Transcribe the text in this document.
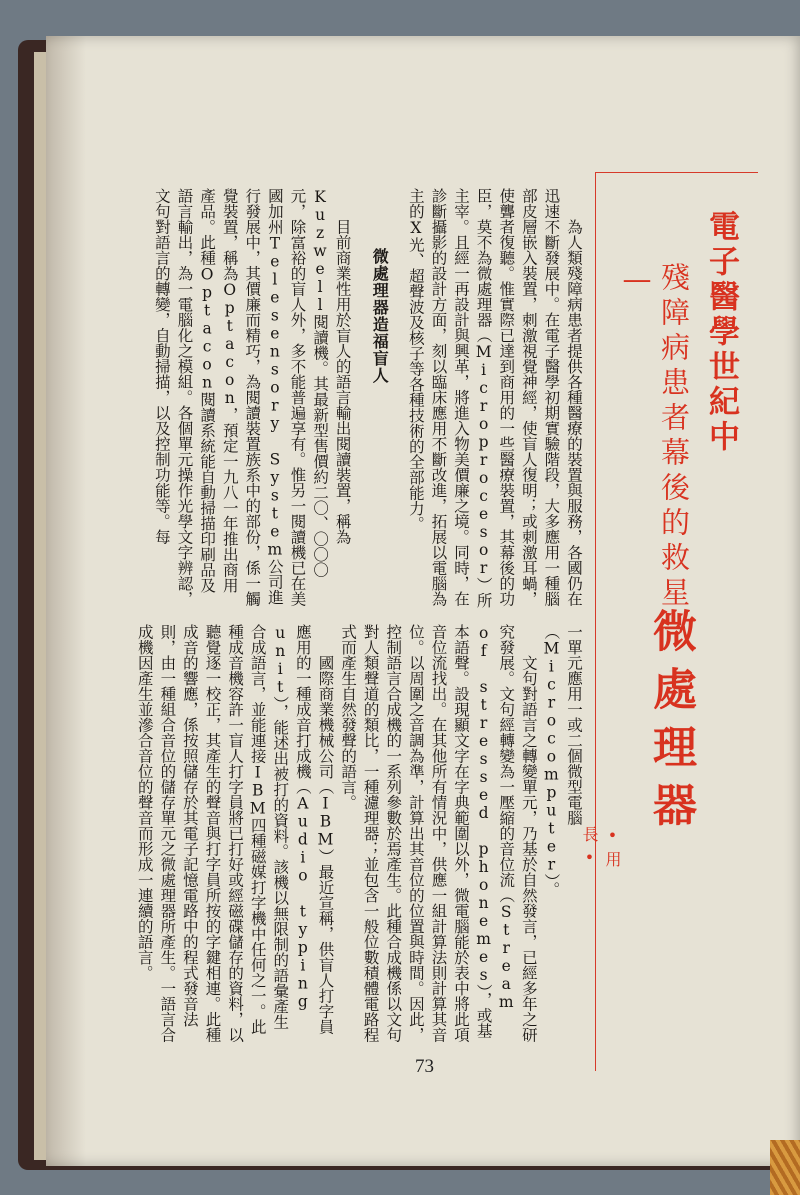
電子醫學世紀中
殘障病患者幕後的救星—
微處理器
•用 長•

為人類殘障病患者提供各種醫療的裝置與服務，各國仍在迅速不斷發展中。在電子醫學初期實驗階段，大多應用一種腦部皮層嵌入裝置，刺激視覺神經，使盲人復明；或刺激耳蝸，使聾者復聽。惟實際已達到商用的一些醫療裝置，其幕後的功臣，莫不為微處理器（Microprocesor）所主宰。且經一再設計與興革，將進入物美價廉之境。同時，在診斷攝影的設計方面，刻以臨床應用不斷改進，拓展以電腦為主的X光、超聲波及核子等各種技術的全部能力。

微處理器造福盲人

目前商業性用於盲人的語言輸出閱讀裝置，稱為Kuzwell閱讀機。其最新型售價約二〇、〇〇〇元，除富裕的盲人外，多不能普遍享有。惟另一閱讀機已在美國加州Telesensory System公司進行發展中，其價廉而精巧，為閱讀裝置族系中的部份，係一觸覺裝置，稱為Optacon，預定一九八一年推出商用產品。此種Optacon閱讀系統能自動掃描印刷品及語言輸出，為一電腦化之模組。各個單元操作光學文字辨認，文句對語言的轉變，自動掃描，以及控制功能等。每

一單元應用一或二個微型電腦（Microcomputer）。

文句對語言之轉變單元，乃基於自然發言，已經多年之研究發展。文句經轉變為一壓縮的音位流（Stream of stressed phonemes），或基本語聲。設現顯文字在字典範圍以外，微電腦能於表中將此項音位流找出。在其他所有情況中，供應一組計算法則計算其音位。以周圍之音調為準，計算出其音位的位置與時間。因此，控制語言合成機的一系列參數於焉產生。此種合成機係以文句對人類聲道的類比，一種濾理器；並包含一般位數積體電路程式而產生自然發聲的語言。

國際商業機械公司（IBM）最近宣稱，供盲人打字員應用的一種成音打成機（Audio typing unit），能述出被打的資料。該機以無限制的語彙產生合成語言，並能連接IBM四種磁媒打字機中任何之一。此種成音機容許一盲人打字員將已打好或經磁碟儲存的資料，以聽覺逐一校正，其產生的聲音與打字員所按的字鍵相連。此種成音的響應，係按照儲存於其電子記憶電路中的程式發音法則，由一種組合音位的儲存單元之微處理器所產生。一語言合成機因產生並滲合音位的聲音而形成一連續的語言。

73
